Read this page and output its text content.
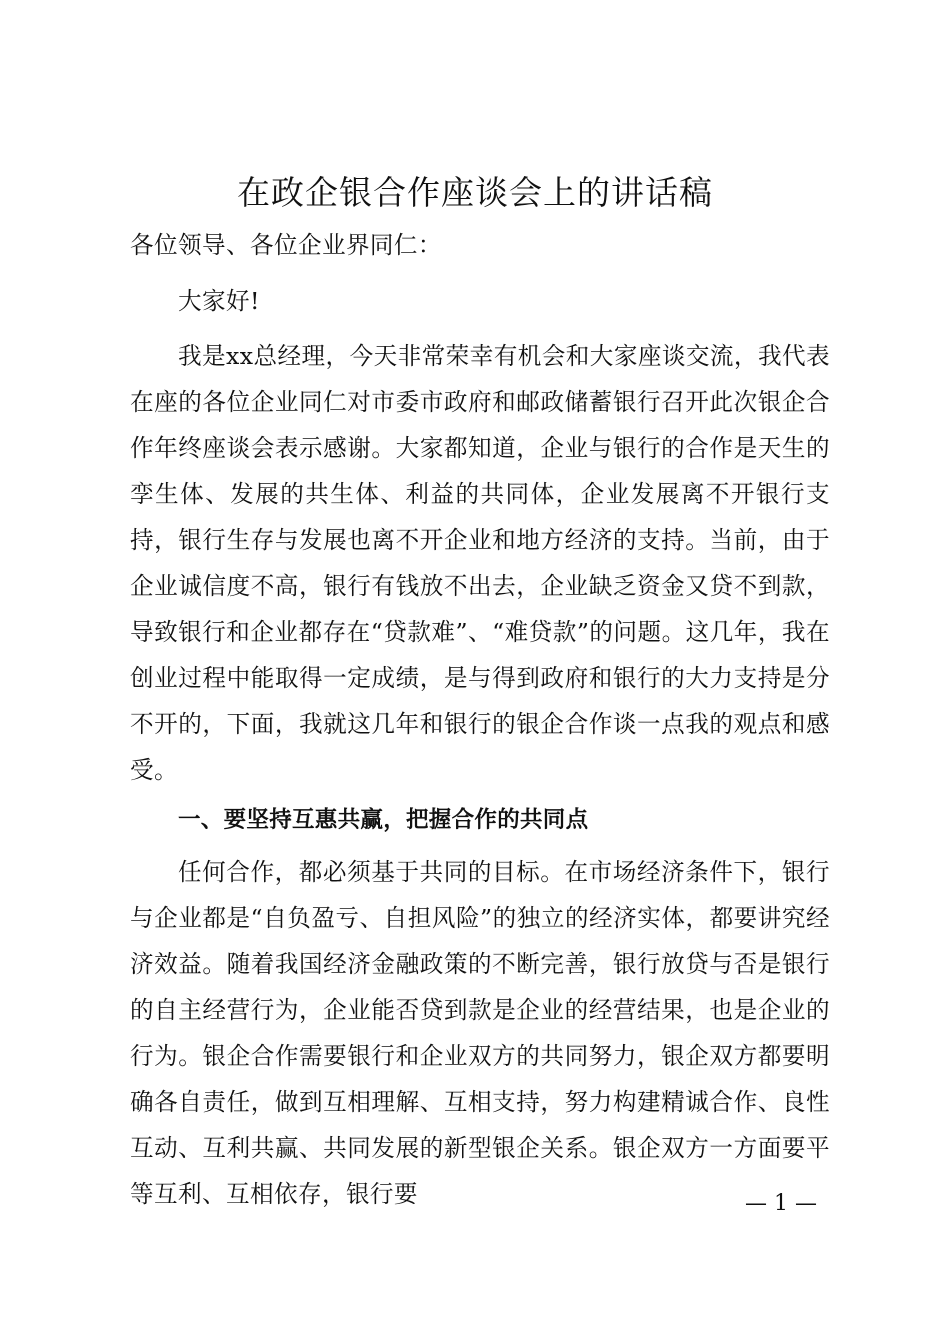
在政企银合作座谈会上的讲话稿

各位领导、各位企业界同仁：

大家好!

我是xx总经理，今天非常荣幸有机会和大家座谈交流，我代表在座的各位企业同仁对市委市政府和邮政储蓄银行召开此次银企合作年终座谈会表示感谢。大家都知道，企业与银行的合作是天生的孪生体、发展的共生体、利益的共同体，企业发展离不开银行支持，银行生存与发展也离不开企业和地方经济的支持。当前，由于企业诚信度不高，银行有钱放不出去，企业缺乏资金又贷不到款，导致银行和企业都存在“贷款难”、“难贷款”的问题。这几年，我在创业过程中能取得一定成绩，是与得到政府和银行的大力支持是分不开的，下面，我就这几年和银行的银企合作谈一点我的观点和感受。

一、要坚持互惠共赢，把握合作的共同点

任何合作，都必须基于共同的目标。在市场经济条件下，银行与企业都是“自负盈亏、自担风险”的独立的经济实体，都要讲究经济效益。随着我国经济金融政策的不断完善，银行放贷与否是银行的自主经营行为，企业能否贷到款是企业的经营结果，也是企业的行为。银企合作需要银行和企业双方的共同努力，银企双方都要明确各自责任，做到互相理解、互相支持，努力构建精诚合作、良性互动、互利共赢、共同发展的新型银企关系。银企双方一方面要平等互利、互相依存，银行要	— 1 —
